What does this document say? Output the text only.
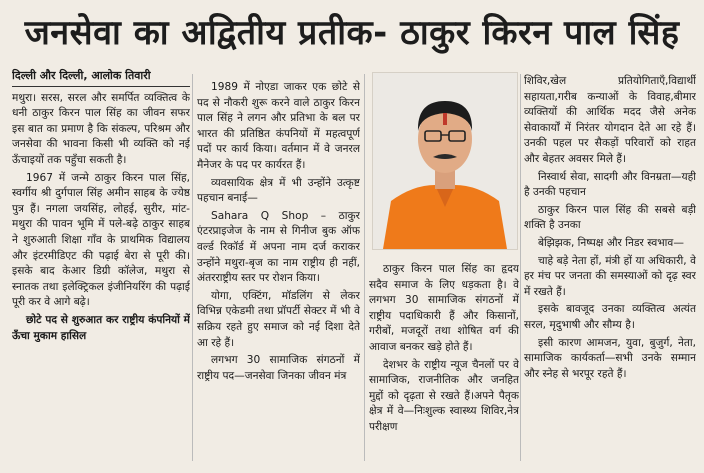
जनसेवा का अद्वितीय प्रतीक- ठाकुर किरन पाल सिंह
दिल्ली और दिल्ली, आलोक तिवारी

मथुरा। सरस, सरल और समर्पित व्यक्तित्व के धनी ठाकुर किरन पाल सिंह का जीवन सफर इस बात का प्रमाण है कि संकल्प, परिश्रम और जनसेवा की भावना किसी भी व्यक्ति को नई ऊँचाइयों तक पहुँचा सकती है।

1967 में जन्मे ठाकुर किरन पाल सिंह, स्वर्गीय श्री दुर्गपाल सिंह अमीन साहब के ज्येष्ठ पुत्र हैं। नगला जयसिंह, लोहई, सुरीर, मांट-मथुरा की पावन भूमि में पले-बढ़े ठाकुर साहब ने शुरुआती शिक्षा गाँव के प्राथमिक विद्यालय और इंटरमीडिएट की पढ़ाई बेरा से पूरी की। इसके बाद केआर डिग्री कॉलेज, मथुरा से स्नातक तथा इलेक्ट्रिकल इंजीनियरिंग की पढ़ाई पूरी कर वे आगे बढ़े।

छोटे पद से शुरुआत कर राष्ट्रीय कंपनियों में ऊँचा मुकाम हासिल

1989 में नोएडा जाकर एक छोटे से पद से नौकरी शुरू करने वाले ठाकुर किरन पाल सिंह ने लगन और प्रतिभा के बल पर भारत की प्रतिष्ठित कंपनियों में महत्वपूर्ण पदों पर कार्य किया। वर्तमान में वे जनरल मैनेजर के पद पर कार्यरत हैं।

व्यवसायिक क्षेत्र में भी उन्होंने उत्कृष्ट पहचान बनाई—

Sahara Q Shop – ठाकुर एंटरप्राइजेज के नाम से गिनीज बुक ऑफ वर्ल्ड रिकॉर्ड में अपना नाम दर्ज कराकर उन्होंने मथुरा-बृज का नाम राष्ट्रीय ही नहीं, अंतरराष्ट्रीय स्तर पर रोशन किया।

योगा, एक्टिंग, मॉडलिंग से लेकर विभिन्न एकेडमी तथा प्रॉपर्टी सेक्टर में भी वे सक्रिय रहते हुए समाज को नई दिशा देते आ रहे हैं।

लगभग 30 सामाजिक संगठनों में राष्ट्रीय पद—जनसेवा जिनका जीवन मंत्र

ठाकुर किरन पाल सिंह का हृदय सदैव समाज के लिए धड़कता है। वे लगभग 30 सामाजिक संगठनों में राष्ट्रीय पदाधिकारी हैं और किसानों, गरीबों, मजदूरों तथा शोषित वर्ग की आवाज बनकर खड़े होते हैं।

देशभर के राष्ट्रीय न्यूज चैनलों पर वे सामाजिक, राजनीतिक और जनहित मुद्दों को दृढ़ता से रखते हैं।अपने पैतृक क्षेत्र में वे—निःशुल्क स्वास्थ्य शिविर,नेत्र परीक्षण

शिविर,खेल प्रतियोगिताएँ,विद्यार्थी सहायता,गरीब कन्याओं के विवाह,बीमार व्यक्तियों की आर्थिक मदद जैसे अनेक सेवाकार्यों में निरंतर योगदान देते आ रहे हैं। उनकी पहल पर सैकड़ों परिवारों को राहत और बेहतर अवसर मिले हैं।

निस्वार्थ सेवा, सादगी और विनम्रता—यही है उनकी पहचान

ठाकुर किरन पाल सिंह की सबसे बड़ी शक्ति है उनका

बेझिझक, निष्पक्ष और निडर स्वभाव—

चाहे बड़े नेता हों, मंत्री हों या अधिकारी, वे हर मंच पर जनता की समस्याओं को दृढ़ स्वर में रखते हैं।

इसके बावजूद उनका व्यक्तित्व अत्यंत सरल, मृदुभाषी और सौम्य है।

इसी कारण आमजन, युवा, बुजुर्ग, नेता, सामाजिक कार्यकर्ता—सभी उनके सम्मान और स्नेह से भरपूर रहते हैं।
